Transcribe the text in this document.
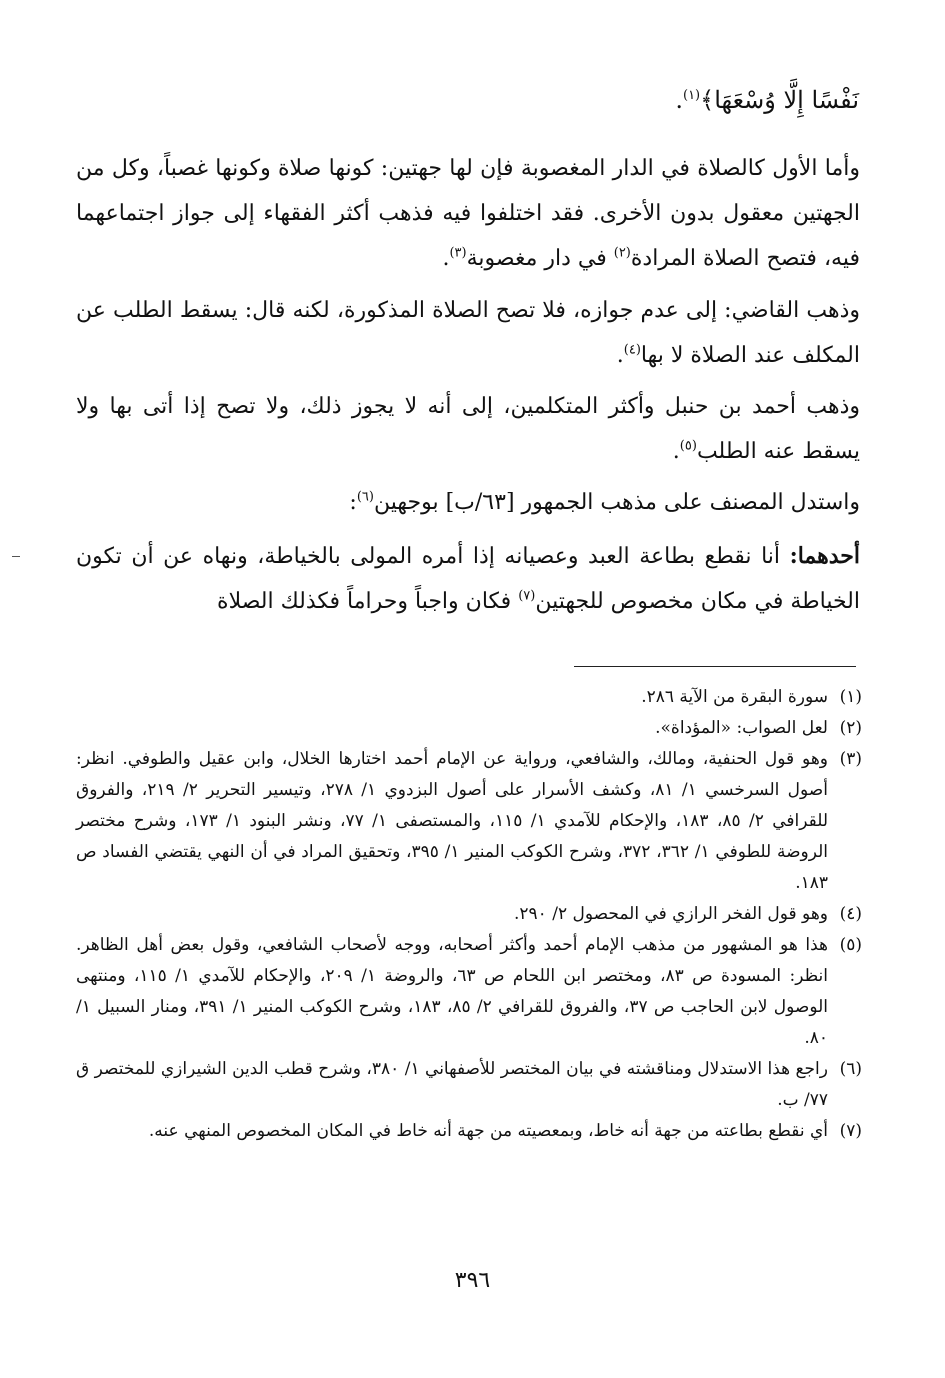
نَفْسًا إِلَّا وُسْعَهَا﴾$^{(١)}$.
وأما الأول كالصلاة في الدار المغصوبة فإن لها جهتين: كونها صلاة وكونها غصباً، وكل من الجهتين معقول بدون الأخرى. فقد اختلفوا فيه فذهب أكثر الفقهاء إلى جواز اجتماعهما فيه، فتصح الصلاة المرادة$^{(٢)}$ في دار مغصوبة$^{(٣)}$.
وذهب القاضي: إلى عدم جوازه، فلا تصح الصلاة المذكورة، لكنه قال: يسقط الطلب عن المكلف عند الصلاة لا بها$^{(٤)}$.
وذهب أحمد بن حنبل وأكثر المتكلمين، إلى أنه لا يجوز ذلك، ولا تصح إذا أتى بها ولا يسقط عنه الطلب$^{(٥)}$.
واستدل المصنف على مذهب الجمهور [٦٣/ب] بوجهين$^{(٦)}$:
أحدهما: أنا نقطع بطاعة العبد وعصيانه إذا أمره المولى بالخياطة، ونهاه عن أن تكون الخياطة في مكان مخصوص للجهتين$^{(٧)}$ فكان واجباً وحراماً فكذلك الصلاة
(١)
سورة البقرة من الآية ٢٨٦.
(٢)
لعل الصواب: «المؤداة».
(٣)
وهو قول الحنفية، ومالك، والشافعي، ورواية عن الإمام أحمد اختارها الخلال، وابن عقيل والطوفي. انظر: أصول السرخسي ١/ ٨١، وكشف الأسرار على أصول البزدوي ١/ ٢٧٨، وتيسير التحرير ٢/ ٢١٩، والفروق للقرافي ٢/ ٨٥، ١٨٣، والإحكام للآمدي ١/ ١١٥، والمستصفى ١/ ٧٧، ونشر البنود ١/ ١٧٣، وشرح مختصر الروضة للطوفي ١/ ٣٦٢، ٣٧٢، وشرح الكوكب المنير ١/ ٣٩٥، وتحقيق المراد في أن النهي يقتضي الفساد ص ١٨٣.
(٤)
وهو قول الفخر الرازي في المحصول ٢/ ٢٩٠.
(٥)
هذا هو المشهور من مذهب الإمام أحمد وأكثر أصحابه، ووجه لأصحاب الشافعي، وقول بعض أهل الظاهر. انظر: المسودة ص ٨٣، ومختصر ابن اللحام ص ٦٣، والروضة ١/ ٢٠٩، والإحكام للآمدي ١/ ١١٥، ومنتهى الوصول لابن الحاجب ص ٣٧، والفروق للقرافي ٢/ ٨٥، ١٨٣، وشرح الكوكب المنير ١/ ٣٩١، ومنار السبيل ١/ ٨٠.
(٦)
راجع هذا الاستدلال ومناقشته في بيان المختصر للأصفهاني ١/ ٣٨٠، وشرح قطب الدين الشيرازي للمختصر ق ٧٧/ ب.
(٧)
أي نقطع بطاعته من جهة أنه خاط، وبمعصيته من جهة أنه خاط في المكان المخصوص المنهي عنه.
٣٩٦
